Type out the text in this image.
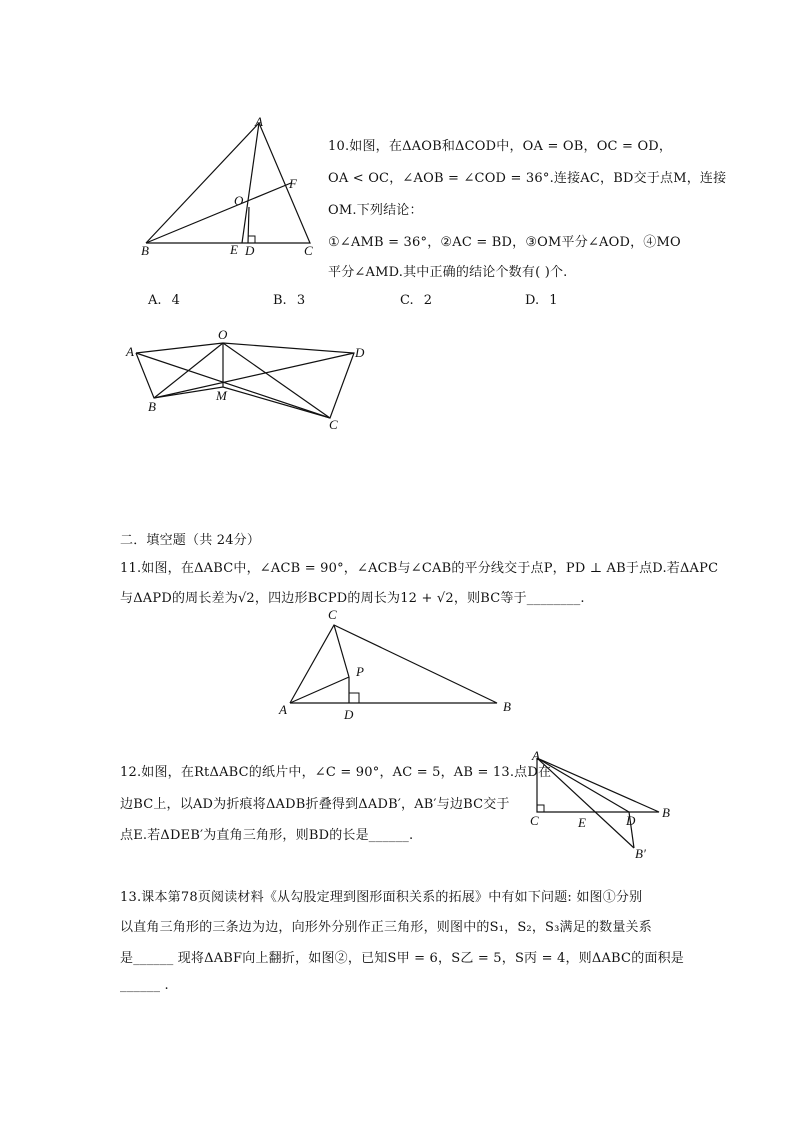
A
B	C
D
E
F
O
10.如图，在ΔAOB和ΔCOD中，OA = OB，OC = OD，
OA < OC，∠AOB = ∠COD = 36°.连接AC，BD交于点M，连接
OM.下列结论：
①∠AMB = 36°，②AC = BD，③OM平分∠AOD，④MO
平分∠AMD.其中正确的结论个数有( )个.
A. 4	B. 3	C. 2	D. 1
A
B
C
D
M
O
二．填空题（共 24分）
11.如图，在ΔABC中，∠ACB = 90°，∠ACB与∠CAB的平分线交于点P，PD ⊥ AB于点D.若ΔAPC
与ΔAPD的周长差为√2，四边形BCPD的周长为12 + √2，则BC等于________.
C
A	B
D
P
12.如图，在RtΔABC的纸片中，∠C = 90°，AC = 5，AB = 13.点D在
边BC上，以AD为折痕将ΔADB折叠得到ΔADB′，AB′与边BC交于
点E.若ΔDEB′为直角三角形，则BD的长是______.
A
C
B
E	D
B′
13.课本第78页阅读材料《从勾股定理到图形面积关系的拓展》中有如下问题: 如图①分别
以直角三角形的三条边为边，向形外分别作正三角形，则图中的S₁，S₂，S₃满足的数量关系
是______ 现将ΔABF向上翻折，如图②，已知S甲 = 6，S乙 = 5，S丙 = 4，则ΔABC的面积是
______ .
